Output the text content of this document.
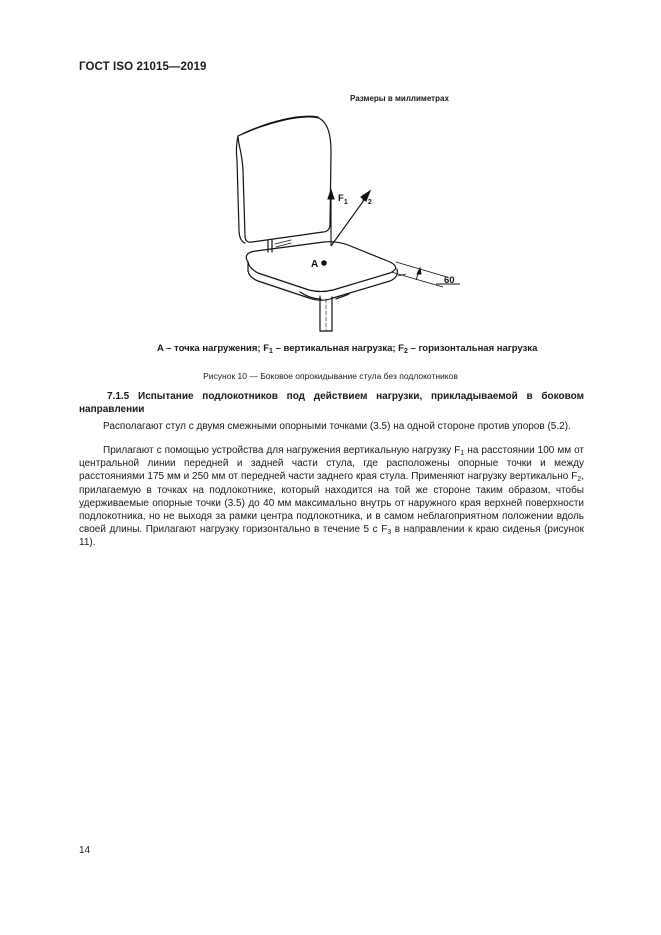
ГОСТ ISO 21015—2019
Размеры в миллиметрах
A
$F_1$ $F_2$
60
A – точка нагружения; $F_1$ – вертикальная нагрузка; $F_2$ – горизонтальная нагрузка
Рисунок 10 — Боковое опрокидывание стула без подлокотников
7.1.5 Испытание подлокотников под действием нагрузки, прикладываемой в боковом направлении
Располагают стул с двумя смежными опорными точками (3.5) на одной стороне против упоров (5.2).
Прилагают с помощью устройства для нагружения вертикальную нагрузку $F_1$ на расстоянии 100 мм от центральной линии передней и задней части стула, где расположены опорные точки и между расстояниями 175 мм и 250 мм от передней части заднего края стула. Применяют нагрузку вертикально $F_2$, прилагаемую в точках на подлокотнике, который находится на той же стороне таким образом, чтобы удерживаемые опорные точки (3.5) до 40 мм максимально внутрь от наружного края верхней поверхности подлокотника, но не выходя за рамки центра подлокотника, и в самом неблагоприятном положении вдоль своей длины. Прилагают нагрузку горизонтально в течение 5 с $F_3$ в направлении к краю сиденья (рисунок 11).
14
